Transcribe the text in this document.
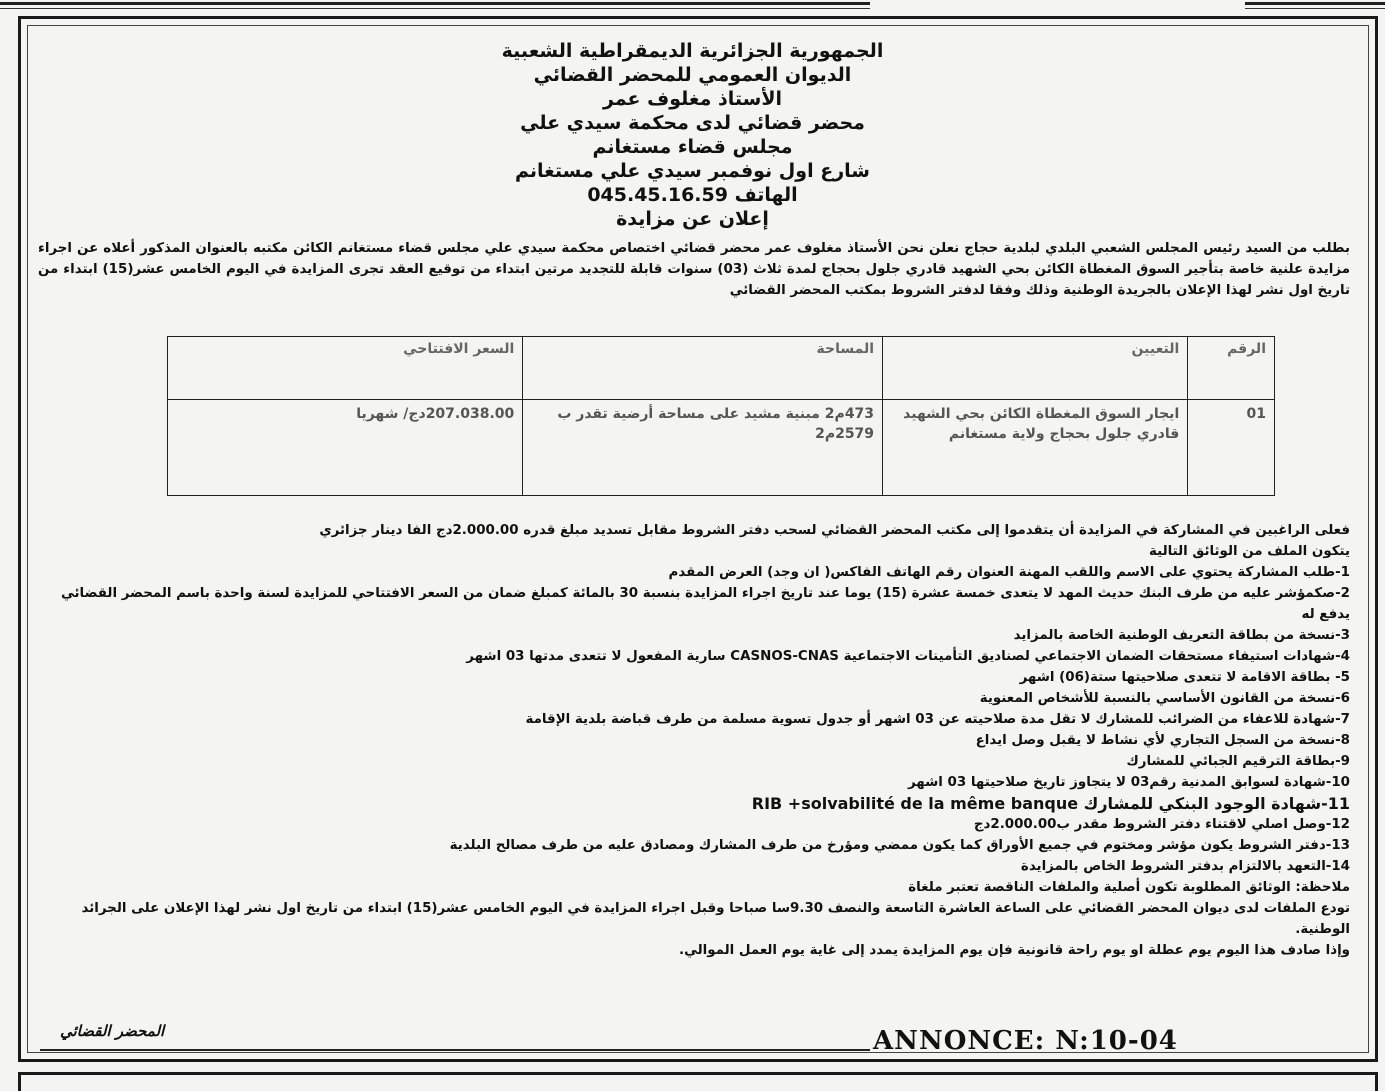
الجمهورية الجزائرية الديمقراطية الشعبية
الديوان العمومي للمحضر القضائي
الأستاذ مغلوف عمر
محضر قضائي لدى محكمة سيدي علي
مجلس قضاء مستغانم
شارع اول نوفمبر سيدي علي مستغانم
الهاتف 045.45.16.59
إعلان عن مزايدة
بطلب من السيد رئيس المجلس الشعبي البلدي لبلدية حجاج نعلن نحن الأستاذ مغلوف عمر محضر قضائي اختصاص محكمة سيدي علي مجلس قضاء مستغانم الكائن مكتبه بالعنوان المذكور أعلاه عن اجراء مزايدة علنية خاصة بتأجير السوق المغطاة الكائن بحي الشهيد قادري جلول بحجاج لمدة ثلاث (03) سنوات قابلة للتجديد مرتين ابتداء من توقيع العقد تجرى المزايدة في اليوم الخامس عشر(15) ابتداء من تاريخ اول نشر لهذا الإعلان بالجريدة الوطنية وذلك وفقا لدفتر الشروط بمكتب المحضر القضائي
الرقم	التعيين	المساحة	السعر الافتتاحي
01	ايجار السوق المغطاة الكائن بحي الشهيد قادري جلول بحجاج ولاية مستغانم	473م2 مبنية مشيد على مساحة أرضية تقدر ب 2579م2	207.038.00دج/ شهريا

فعلى الراغبين في المشاركة في المزايدة أن يتقدموا إلى مكتب المحضر القضائي لسحب دفتر الشروط مقابل تسديد مبلغ قدره 2.000.00دج الفا دينار جزائري

يتكون الملف من الوثائق التالية

1-طلب المشاركة يحتوي على الاسم واللقب المهنة العنوان رقم الهاتف الفاكس( ان وجد) العرض المقدم

2-صكمؤشر عليه من طرف البنك حديث المهد لا يتعدى خمسة عشرة (15) يوما عند تاريخ اجراء المزايدة بنسبة 30 بالمائة كمبلغ ضمان من السعر الافتتاحي للمزايدة لسنة واحدة باسم المحضر القضائي يدفع له

3-نسخة من بطاقة التعريف الوطنية الخاصة بالمزايد

4-شهادات استيفاء مستحقات الضمان الاجتماعي لصناديق التأمينات الاجتماعية CASNOS-CNAS سارية المفعول لا تتعدى مدتها 03 اشهر

5- بطاقة الاقامة لا تتعدى صلاحيتها ستة(06) اشهر

6-نسخة من القانون الأساسي بالنسبة للأشخاص المعنوية

7-شهادة للاعفاء من الضرائب للمشارك لا تقل مدة صلاحيته عن 03 اشهر أو جدول تسوية مسلمة من طرف قباضة بلدية الإقامة

8-نسخة من السجل التجاري لأي نشاط لا يقبل وصل ايداع

9-بطاقة الترقيم الجبائي للمشارك

10-شهادة لسوابق المدنية رقم03 لا يتجاوز تاريخ صلاحيتها 03 اشهر

11-شهادة الوجود البنكي للمشارك RIB +solvabilité de la même banque

12-وصل اصلي لاقتناء دفتر الشروط مقدر ب2.000.00دج

13-دفتر الشروط يكون مؤشر ومختوم في جميع الأوراق كما يكون ممضي ومؤرخ من طرف المشارك ومصادق عليه من طرف مصالح البلدية

14-التعهد بالالتزام بدفتر الشروط الخاص بالمزايدة

ملاحظة: الوثائق المطلوبة تكون أصلية والملفات الناقصة تعتبر ملغاة

تودع الملفات لدى ديوان المحضر القضائي على الساعة العاشرة التاسعة والنصف 9.30سا صباحا وقبل اجراء المزايدة في اليوم الخامس عشر(15) ابتداء من تاريخ اول نشر لهذا الإعلان على الجرائد الوطنية.

وإذا صادف هذا اليوم يوم عطلة او يوم راحة قانونية فإن يوم المزايدة يمدد إلى غاية يوم العمل الموالي.

المحضر القضائي	ANNONCE: N:10-04
